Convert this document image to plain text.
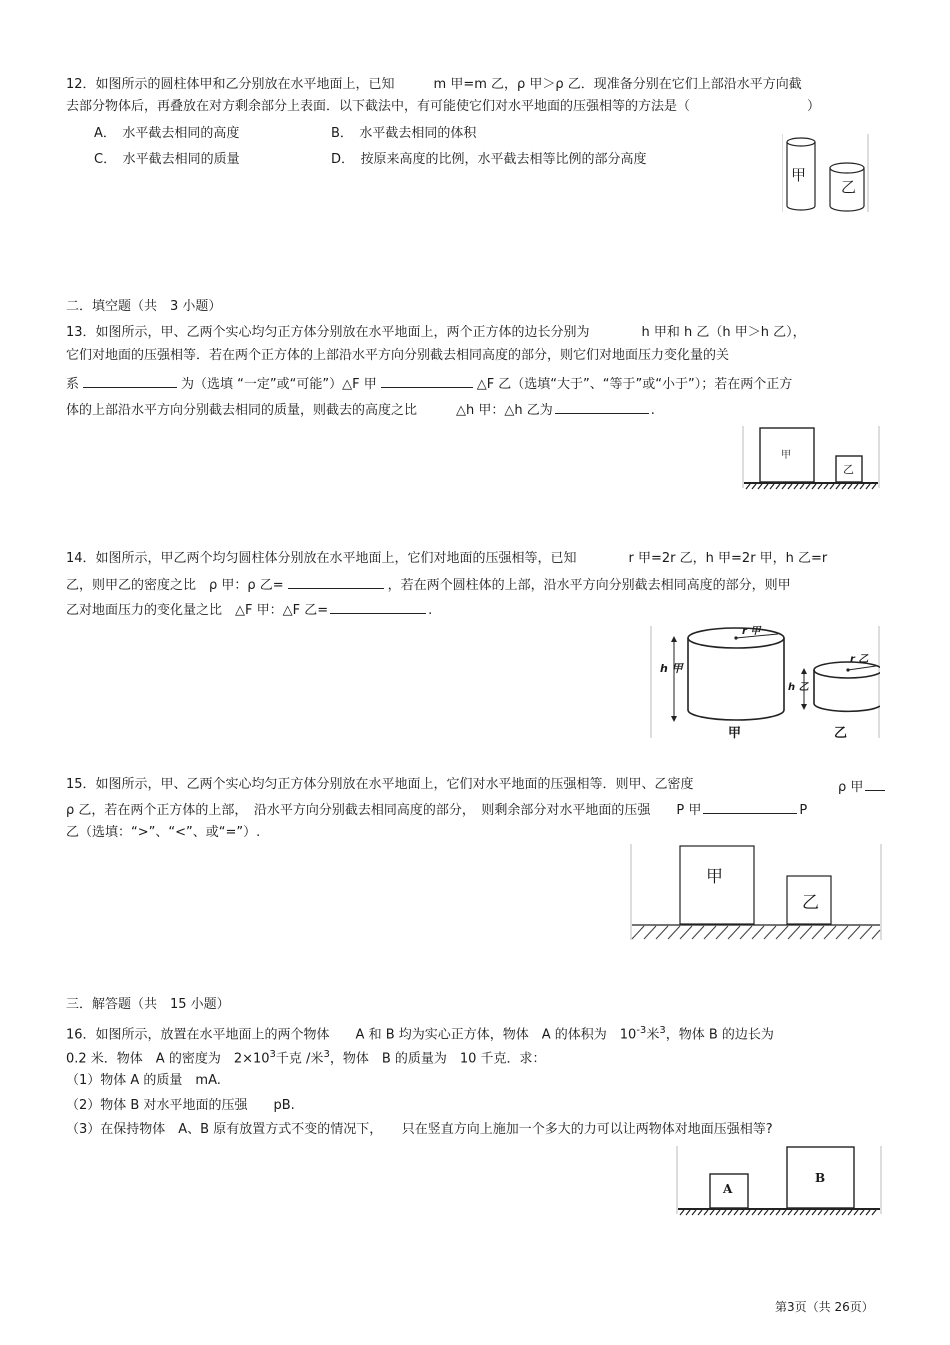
12．如图所示的圆柱体甲和乙分别放在水平地面上，已知　　　m 甲=m 乙，ρ 甲＞ρ 乙．现准备分别在它们上部沿水平方向截
去部分物体后，再叠放在对方剩余部分上表面．以下截法中，有可能使它们对水平地面的压强相等的方法是（　　　　　　　　　）
A．　水平截去相同的高度	B．　水平截去相同的体积
C．　水平截去相同的质量	D．　按原来高度的比例，水平截去相等比例的部分高度
甲
乙
二．填空题（共　3 小题）
13．如图所示，甲、乙两个实心均匀正方体分别放在水平地面上，两个正方体的边长分别为　　　　h 甲和 h 乙（h 甲＞h 乙），
它们对地面的压强相等．若在两个正方体的上部沿水平方向分别截去相同高度的部分，则它们对地面压力变化量的关
系	为（选填 “一定”或“可能”）△F 甲	△F 乙（选填“大于”、“等于”或“小于”）；若在两个正方
体的上部沿水平方向分别截去相同的质量，则截去的高度之比　　　△h 甲：△h 乙为	.
甲
乙
14．如图所示，甲乙两个均匀圆柱体分别放在水平地面上，它们对地面的压强相等，已知　　　　r 甲=2r 乙，h 甲=2r 甲，h 乙=r
乙，则甲乙的密度之比　ρ 甲：ρ 乙=	，若在两个圆柱体的上部，沿水平方向分别截去相同高度的部分，则甲
乙对地面压力的变化量之比　△F 甲：△F 乙=	.
r 甲
h 甲
r 乙
h 乙
甲	乙
15．如图所示，甲、乙两个实心均匀正方体分别放在水平地面上，它们对水平地面的压强相等．则甲、乙密度	ρ 甲
ρ 乙，若在两个正方体的上部，　沿水平方向分别截去相同高度的部分，　则剩余部分对水平地面的压强　　P 甲	P
乙（选填：“>”、“<”、或“=”）.
甲
乙
三．解答题（共　15 小题）
16．如图所示，放置在水平地面上的两个物体　　A 和 B 均为实心正方体，物体　A 的体积为　$10^{-3}$米$^3$，物体 B 的边长为
0.2 米．物体　A 的密度为　$2\times 10^3$千克 /米$^3$，物体　B 的质量为　10 千克．求：
（1）物体 A 的质量　mA.
（2）物体 B 对水平地面的压强　　pB.
（3）在保持物体　A、B 原有放置方式不变的情况下，　　只在竖直方向上施加一个多大的力可以让两物体对地面压强相等?
A
B
第3页（共 26页）
